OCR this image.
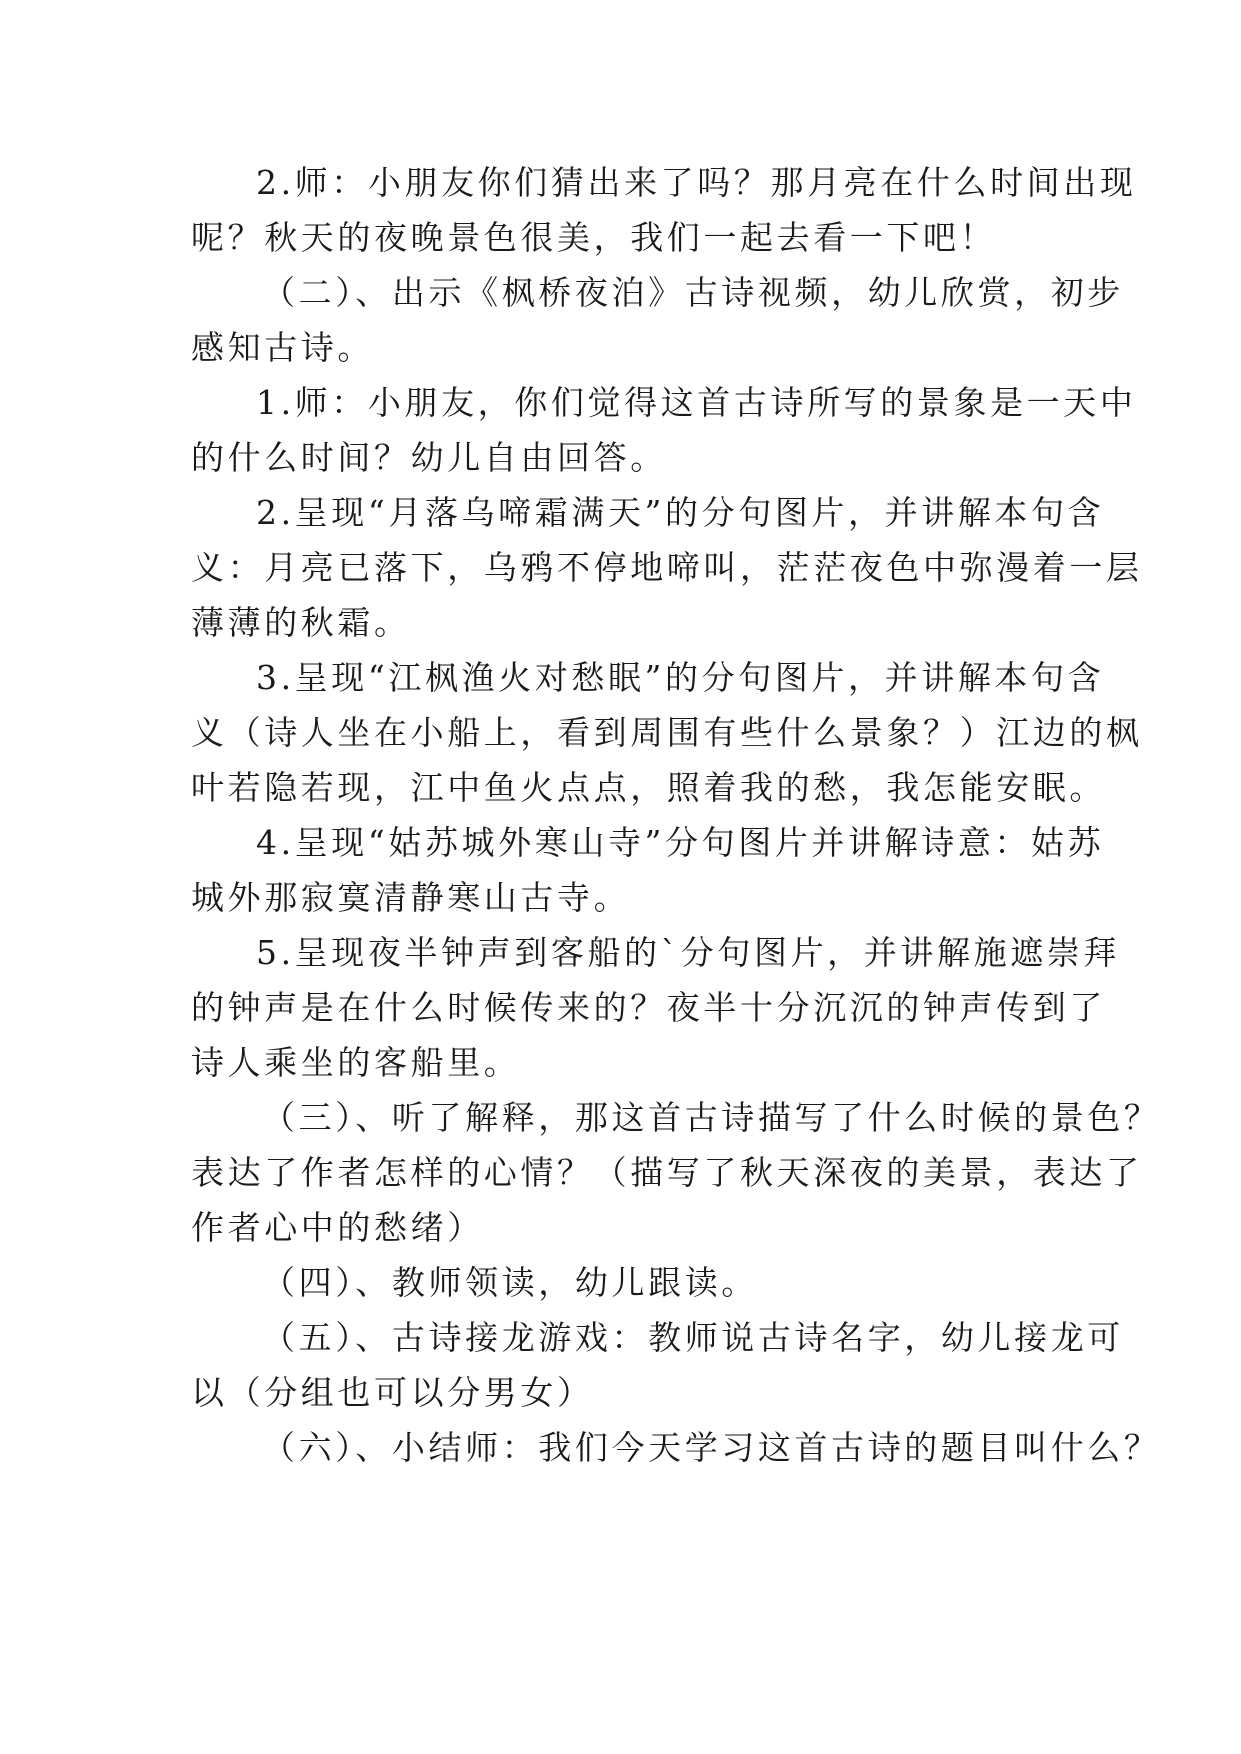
2.师：小朋友你们猜出来了吗？那月亮在什么时间出现

呢？秋天的夜晚景色很美，我们一起去看一下吧！

（二）、出示《枫桥夜泊》古诗视频，幼儿欣赏，初步

感知古诗。

1.师：小朋友，你们觉得这首古诗所写的景象是一天中

的什么时间？幼儿自由回答。

2.呈现“月落乌啼霜满天”的分句图片，并讲解本句含

义：月亮已落下，乌鸦不停地啼叫，茫茫夜色中弥漫着一层

薄薄的秋霜。

3.呈现“江枫渔火对愁眠”的分句图片，并讲解本句含

义（诗人坐在小船上，看到周围有些什么景象？）江边的枫

叶若隐若现，江中鱼火点点，照着我的愁，我怎能安眠。

4.呈现“姑苏城外寒山寺”分句图片并讲解诗意：姑苏

城外那寂寞清静寒山古寺。

5.呈现夜半钟声到客船的`分句图片，并讲解施遮崇拜

的钟声是在什么时候传来的？夜半十分沉沉的钟声传到了

诗人乘坐的客船里。

（三）、听了解释，那这首古诗描写了什么时候的景色？

表达了作者怎样的心情？（描写了秋天深夜的美景，表达了

作者心中的愁绪）

（四）、教师领读，幼儿跟读。

（五）、古诗接龙游戏：教师说古诗名字，幼儿接龙可

以（分组也可以分男女）

（六）、小结师：我们今天学习这首古诗的题目叫什么？
